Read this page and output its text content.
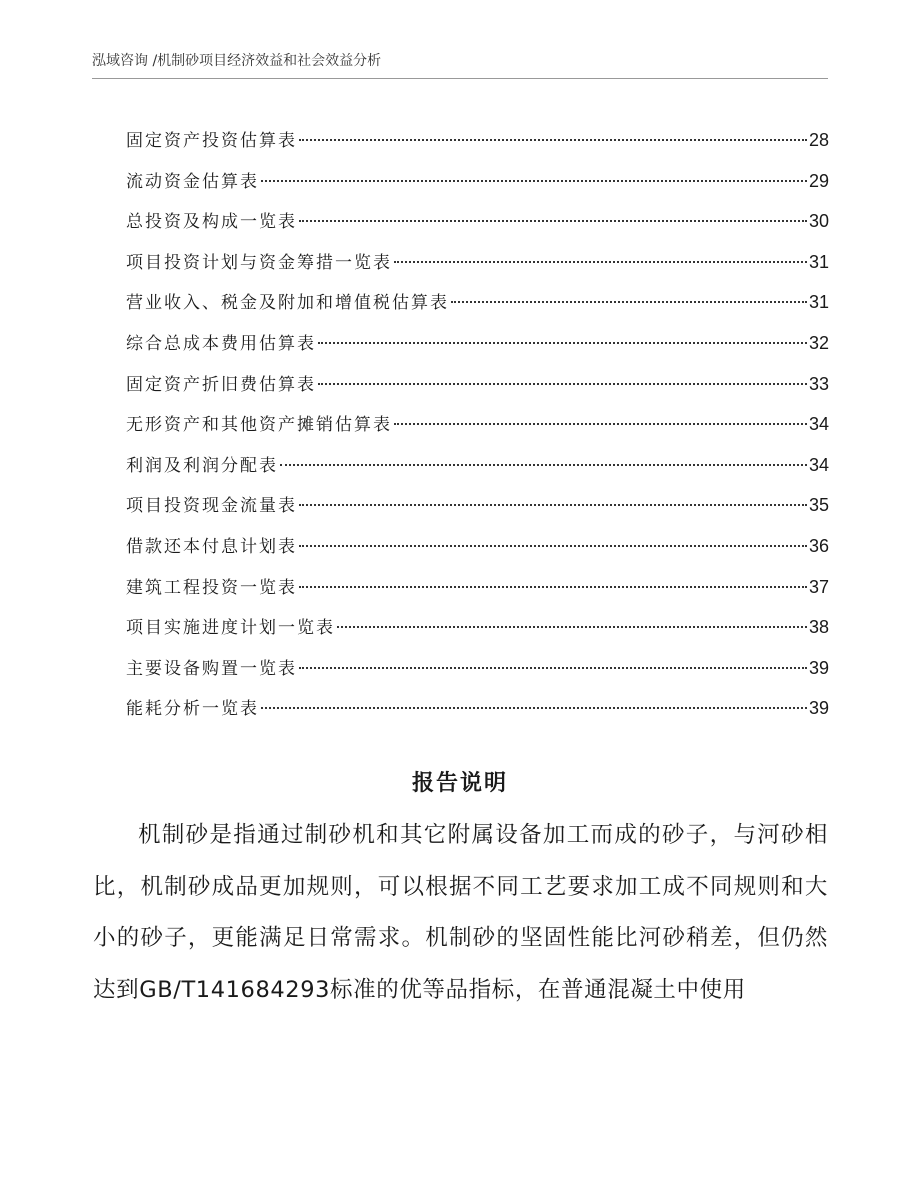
泓域咨询 /机制砂项目经济效益和社会效益分析
固定资产投资估算表	28
流动资金估算表	29
总投资及构成一览表	30
项目投资计划与资金筹措一览表	31
营业收入、税金及附加和增值税估算表	31
综合总成本费用估算表	32
固定资产折旧费估算表	33
无形资产和其他资产摊销估算表	34
利润及利润分配表	34
项目投资现金流量表	35
借款还本付息计划表	36
建筑工程投资一览表	37
项目实施进度计划一览表	38
主要设备购置一览表	39
能耗分析一览表	39
报告说明

机制砂是指通过制砂机和其它附属设备加工而成的砂子，与河砂相比，机制砂成品更加规则，可以根据不同工艺要求加工成不同规则和大小的砂子，更能满足日常需求。机制砂的坚固性能比河砂稍差，但仍然达到GB/T141684293标准的优等品指标，在普通混凝土中使用
